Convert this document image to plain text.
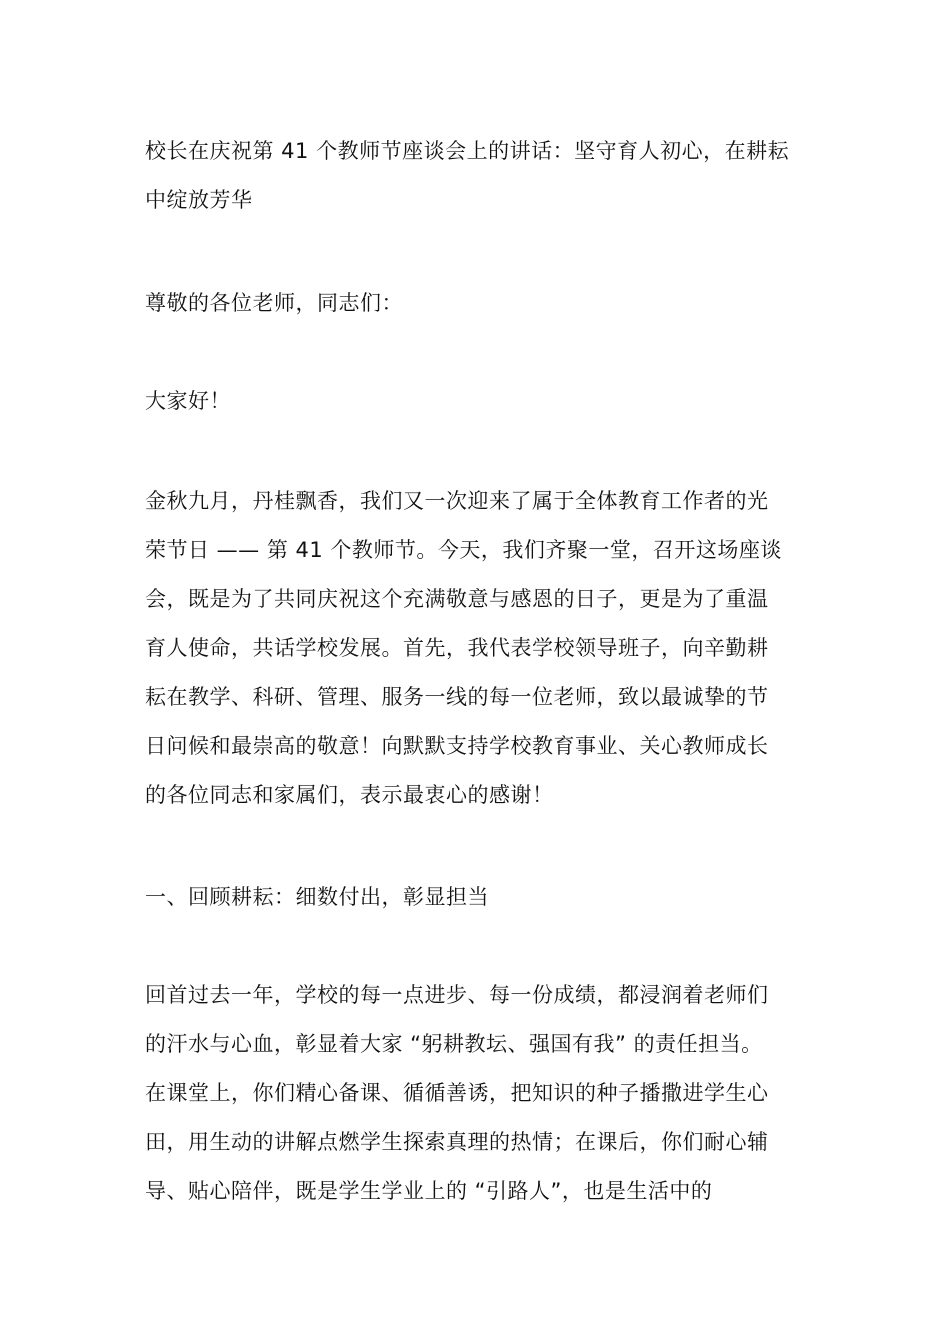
校长在庆祝第 41 个教师节座谈会上的讲话：坚守育人初心，在耕耘
中绽放芳华
尊敬的各位老师，同志们：
大家好！
金秋九月，丹桂飘香，我们又一次迎来了属于全体教育工作者的光
荣节日 —— 第 41 个教师节。今天，我们齐聚一堂，召开这场座谈
会，既是为了共同庆祝这个充满敬意与感恩的日子，更是为了重温
育人使命，共话学校发展。首先，我代表学校领导班子，向辛勤耕
耘在教学、科研、管理、服务一线的每一位老师，致以最诚挚的节
日问候和最崇高的敬意！向默默支持学校教育事业、关心教师成长
的各位同志和家属们，表示最衷心的感谢！
一、回顾耕耘：细数付出，彰显担当
回首过去一年，学校的每一点进步、每一份成绩，都浸润着老师们
的汗水与心血，彰显着大家 “躬耕教坛、强国有我” 的责任担当。
在课堂上，你们精心备课、循循善诱，把知识的种子播撒进学生心
田，用生动的讲解点燃学生探索真理的热情；在课后，你们耐心辅
导、贴心陪伴，既是学生学业上的 “引路人”，也是生活中的
